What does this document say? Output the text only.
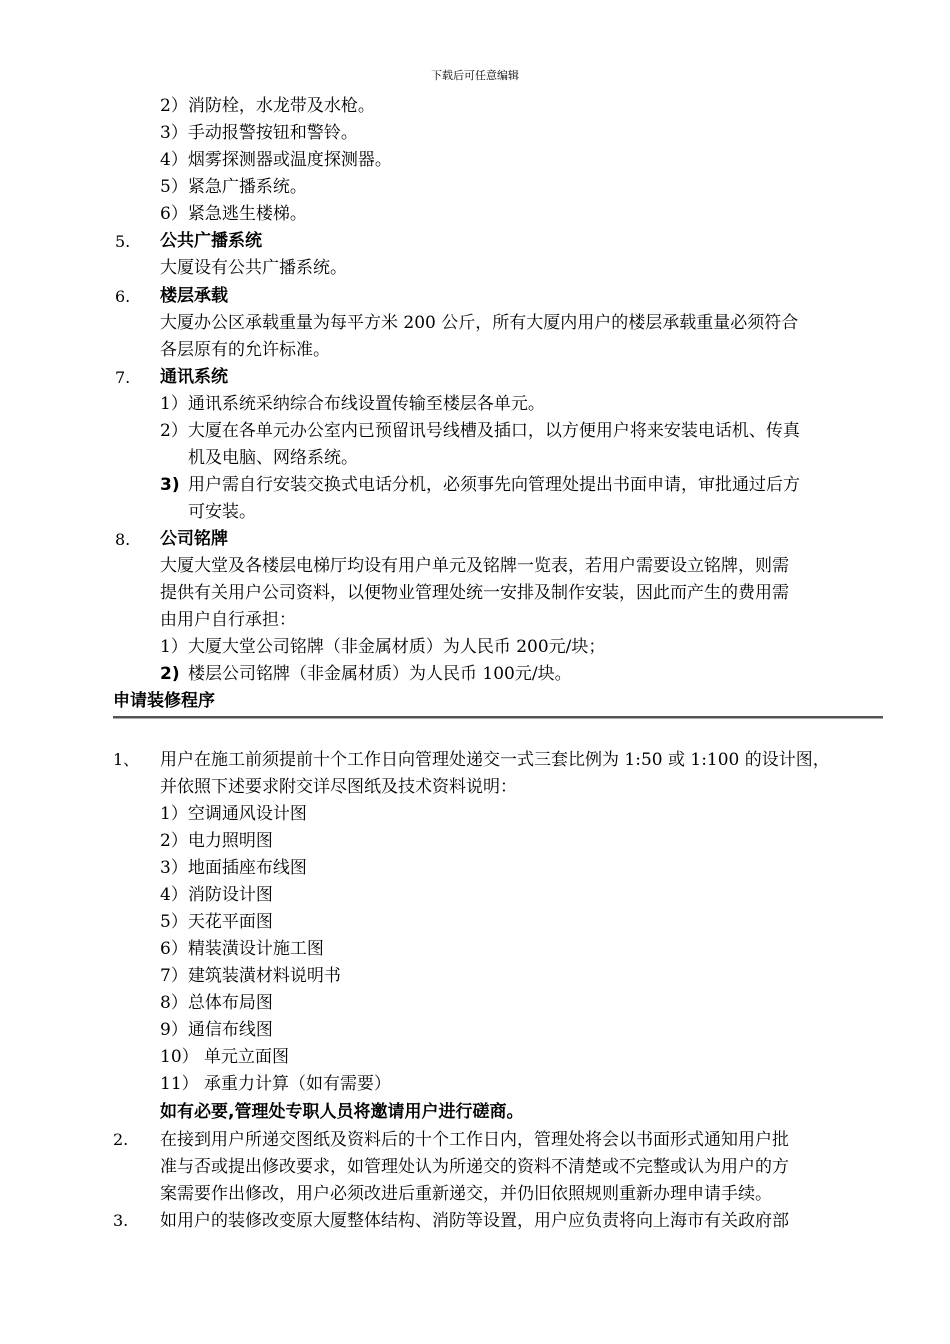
下载后可任意编辑
2）消防栓，水龙带及水枪。
3）手动报警按钮和警铃。
4）烟雾探测器或温度探测器。
5）紧急广播系统。
6）紧急逃生楼梯。
5. 公共广播系统
大厦设有公共广播系统。
6. 楼层承载
大厦办公区承载重量为每平方米 200 公斤，所有大厦内用户的楼层承载重量必须符合
各层原有的允许标准。
7. 通讯系统
1）通讯系统采纳综合布线设置传输至楼层各单元。
2）大厦在各单元办公室内已预留讯号线槽及插口，以方便用户将来安装电话机、传真
机及电脑、网络系统。
3) 用户需自行安装交换式电话分机，必须事先向管理处提出书面申请，审批通过后方
可安装。
8. 公司铭牌
大厦大堂及各楼层电梯厅均设有用户单元及铭牌一览表，若用户需要设立铭牌，则需
提供有关用户公司资料，以便物业管理处统一安排及制作安装，因此而产生的费用需
由用户自行承担：
1）大厦大堂公司铭牌（非金属材质）为人民币 200元/块；
2) 楼层公司铭牌（非金属材质）为人民币 100元/块。
申请装修程序
1、 用户在施工前须提前十个工作日向管理处递交一式三套比例为 1:50 或 1:100 的设计图，
并依照下述要求附交详尽图纸及技术资料说明：
1）空调通风设计图
2）电力照明图
3）地面插座布线图
4）消防设计图
5）天花平面图
6）精装潢设计施工图
7）建筑装潢材料说明书
8）总体布局图
9）通信布线图
10） 单元立面图
11） 承重力计算（如有需要）
如有必要,管理处专职人员将邀请用户进行磋商。
2. 在接到用户所递交图纸及资料后的十个工作日内，管理处将会以书面形式通知用户批
准与否或提出修改要求，如管理处认为所递交的资料不清楚或不完整或认为用户的方
案需要作出修改，用户必须改进后重新递交，并仍旧依照规则重新办理申请手续。
3. 如用户的装修改变原大厦整体结构、消防等设置，用户应负责将向上海市有关政府部
